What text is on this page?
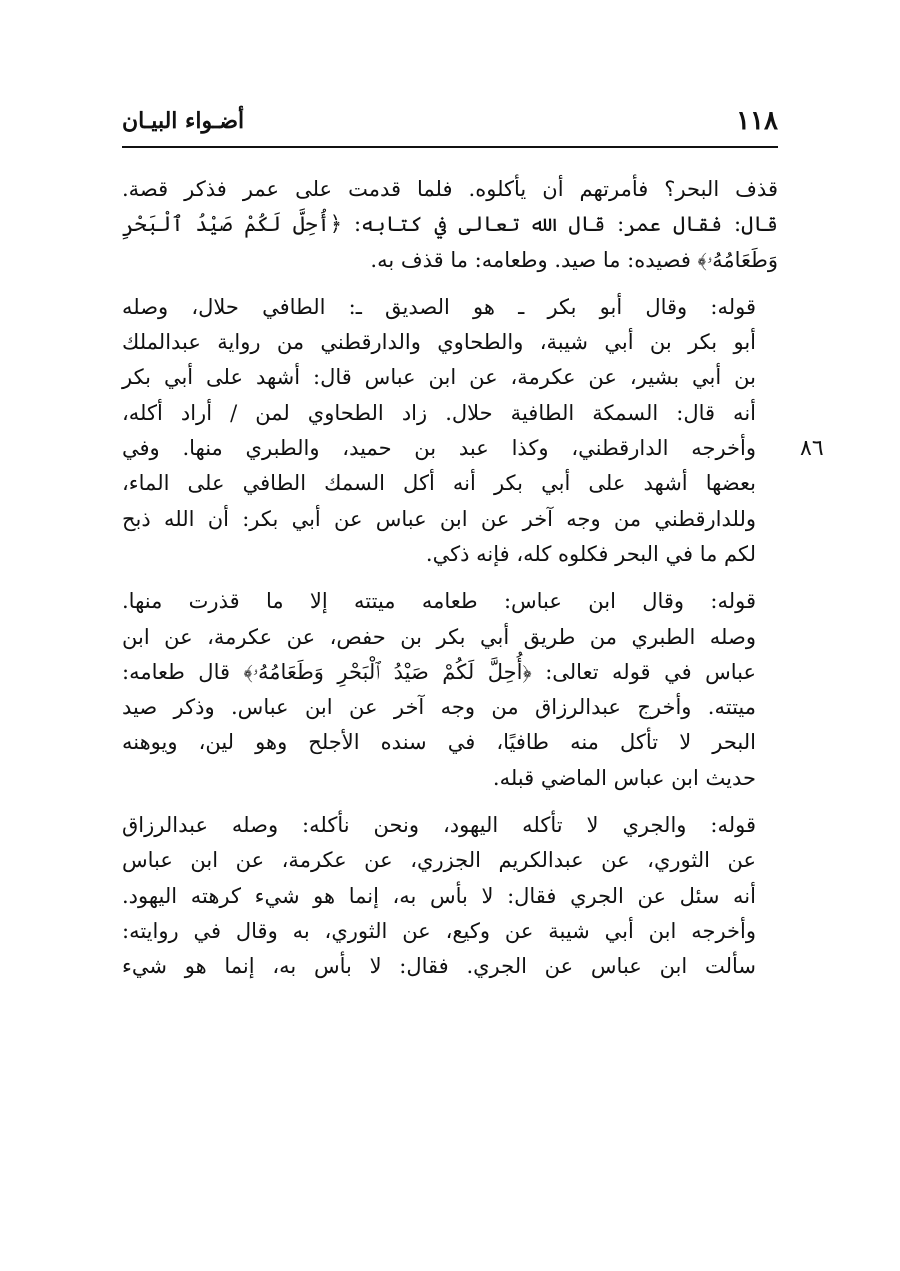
١١٨
أضـواء البيـان
٨٦

قذف البحر؟ فأمرتهم أن يأكلوه. فلما قدمت على عمر فذكر قصة.
قال: فقال عمر: قال الله تعالى في كتابه: ﴿أُحِلَّ لَكُمْ صَيْدُ ٱلْبَحْرِ
وَطَعَامُهُۥ﴾ فصيده: ما صيد. وطعامه: ما قذف به.

قوله: وقال أبو بكر ـ هو الصديق ـ: الطافي حلال، وصله
أبو بكر بن أبي شيبة، والطحاوي والدارقطني من رواية عبدالملك
بن أبي بشير، عن عكرمة، عن ابن عباس قال: أشهد على أبي بكر
أنه قال: السمكة الطافية حلال. زاد الطحاوي لمن / أراد أكله،
وأخرجه الدارقطني، وكذا عبد بن حميد، والطبري منها. وفي
بعضها أشهد على أبي بكر أنه أكل السمك الطافي على الماء،
وللدارقطني من وجه آخر عن ابن عباس عن أبي بكر: أن الله ذبح
لكم ما في البحر فكلوه كله، فإنه ذكي.

قوله: وقال ابن عباس: طعامه ميتته إلا ما قذرت منها.
وصله الطبري من طريق أبي بكر بن حفص، عن عكرمة، عن ابن
عباس في قوله تعالى: ﴿أُحِلَّ لَكُمْ صَيْدُ ٱلْبَحْرِ وَطَعَامُهُۥ﴾ قال طعامه:
ميتته. وأخرج عبدالرزاق من وجه آخر عن ابن عباس. وذكر صيد
البحر لا تأكل منه طافيًا، في سنده الأجلح وهو لين، ويوهنه
حديث ابن عباس الماضي قبله.

قوله: والجري لا تأكله اليهود، ونحن نأكله: وصله عبدالرزاق
عن الثوري، عن عبدالكريم الجزري، عن عكرمة، عن ابن عباس
أنه سئل عن الجري فقال: لا بأس به، إنما هو شيء كرهته اليهود.
وأخرجه ابن أبي شيبة عن وكيع، عن الثوري، به وقال في روايته:
سألت ابن عباس عن الجري. فقال: لا بأس به، إنما هو شيء
